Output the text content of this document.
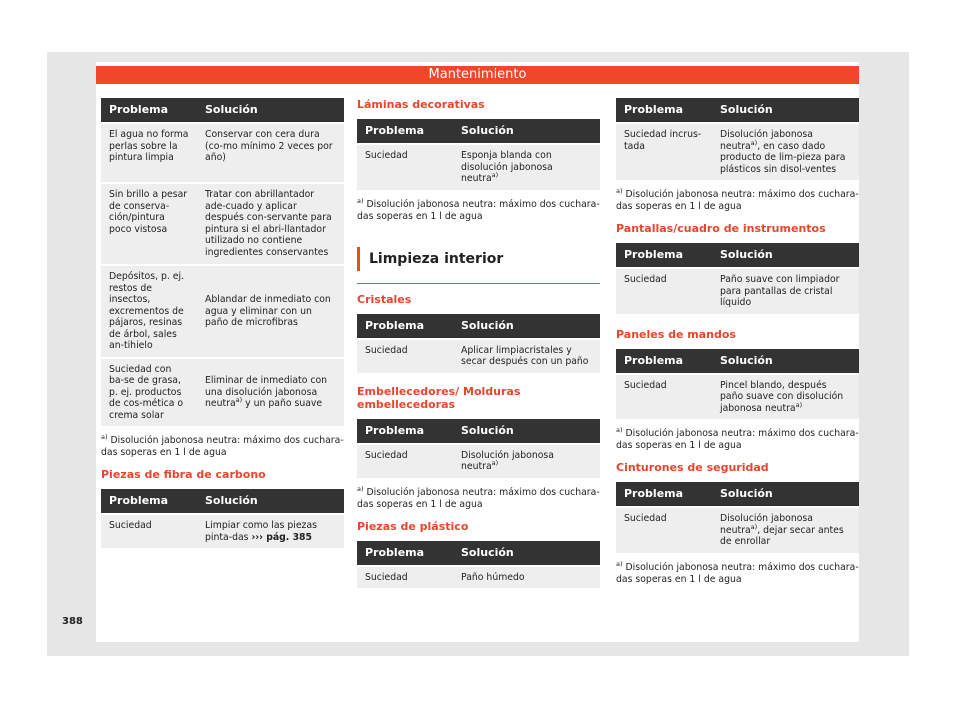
Mantenimiento
Problema	Solución
El agua no forma perlas sobre la pintura limpia	Conservar con cera dura (co-mo mínimo 2 veces por año)
Sin brillo a pesar de conserva-ción/pintura poco vistosa	Tratar con abrillantador ade-cuado y aplicar después con-servante para pintura si el abri-llantador utilizado no contiene ingredientes conservantes
Depósitos, p. ej. restos de insectos, excrementos de pájaros, resinas de árbol, sales an-tihielo	Ablandar de inmediato con agua y eliminar con un paño de microfibras
Suciedad con ba-se de grasa, p. ej. productos de cos-mética o crema solar	Eliminar de inmediato con una disolución jabonosa neutra$^{a)}$ y un paño suave

$^{a)}$ Disolución jabonosa neutra: máximo dos cuchara-das soperas en 1 l de agua

Piezas de fibra de carbono
Problema	Solución
Suciedad	Limpiar como las piezas pinta-das ››› pág. 385
Láminas decorativas
Problema	Solución
Suciedad	Esponja blanda con disolución jabonosa neutra$^{a)}$

$^{a)}$ Disolución jabonosa neutra: máximo dos cuchara-das soperas en 1 l de agua

Limpieza interior
Cristales
Problema	Solución
Suciedad	Aplicar limpiacristales y secar después con un paño
Embellecedores/ Molduras embellecedoras
Problema	Solución
Suciedad	Disolución jabonosa neutra$^{a)}$

$^{a)}$ Disolución jabonosa neutra: máximo dos cuchara-das soperas en 1 l de agua

Piezas de plástico
Problema	Solución
Suciedad	Paño húmedo
Problema	Solución
Suciedad incrus-tada	Disolución jabonosa neutra$^{a)}$, en caso dado producto de lim-pieza para plásticos sin disol-ventes

$^{a)}$ Disolución jabonosa neutra: máximo dos cuchara-das soperas en 1 l de agua

Pantallas/cuadro de instrumentos
Problema	Solución
Suciedad	Paño suave con limpiador para pantallas de cristal líquido
Paneles de mandos
Problema	Solución
Suciedad	Pincel blando, después paño suave con disolución jabonosa neutra$^{a)}$

$^{a)}$ Disolución jabonosa neutra: máximo dos cuchara-das soperas en 1 l de agua

Cinturones de seguridad
Problema	Solución
Suciedad	Disolución jabonosa neutra$^{a)}$, dejar secar antes de enrollar

$^{a)}$ Disolución jabonosa neutra: máximo dos cuchara-das soperas en 1 l de agua

388
